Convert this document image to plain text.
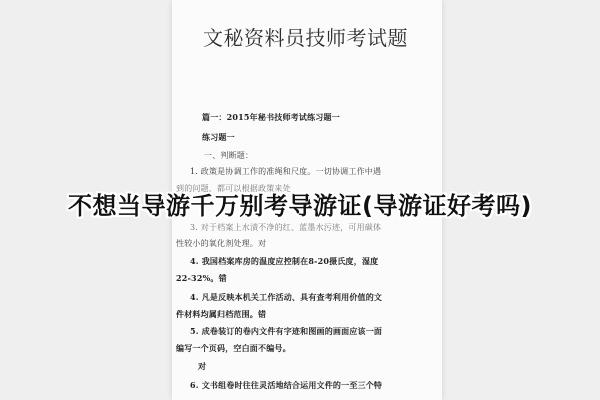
文秘资料员技师考试题
篇一：2015年秘书技师考试练习题一
练习题一
一、判断题：
1. 政策是协调工作的准绳和尺度。一切协调工作中遇
到的问题，都可以根据政策来处
3. 对于档案上水渍不净的红、蓝墨水污迹，可用碳体
性较小的氧化剂处理。对
4. 我国档案库房的温度应控制在8-20摄氏度，湿度
22-32%。错
4. 凡是反映本机关工作活动、具有查考利用价值的文
件材料均属归档范围。错
5. 成卷装订的卷内文件有字迹和图画的画面应该一面
编写一个页码，空白面不编号。
对
6. 文书组卷时往往灵活地结合运用文件的一至三个特
不想当导游千万别考导游证(导游证好考吗)
